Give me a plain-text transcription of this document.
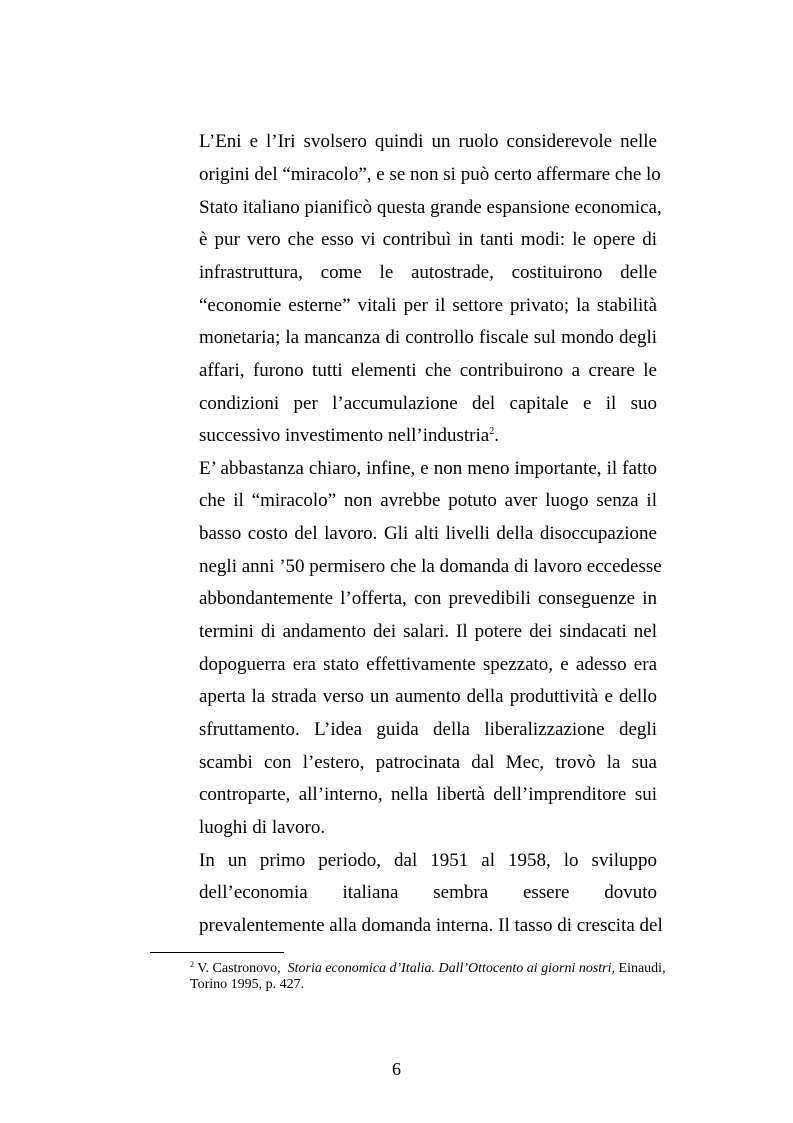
L’Eni e l’Iri svolsero quindi un ruolo considerevole nelle
origini del “miracolo”, e se non si può certo affermare che lo
Stato italiano pianificò questa grande espansione economica,
è pur vero che esso vi contribuì in tanti modi: le opere di
infrastruttura, come le autostrade, costituirono delle
“economie esterne” vitali per il settore privato; la stabilità
monetaria; la mancanza di controllo fiscale sul mondo degli
affari, furono tutti elementi che contribuirono a creare le
condizioni per l’accumulazione del capitale e il suo
successivo investimento nell’industria$^2$.
E’ abbastanza chiaro, infine, e non meno importante, il fatto
che il “miracolo” non avrebbe potuto aver luogo senza il
basso costo del lavoro. Gli alti livelli della disoccupazione
negli anni ’50 permisero che la domanda di lavoro eccedesse
abbondantemente l’offerta, con prevedibili conseguenze in
termini di andamento dei salari. Il potere dei sindacati nel
dopoguerra era stato effettivamente spezzato, e adesso era
aperta la strada verso un aumento della produttività e dello
sfruttamento. L’idea guida della liberalizzazione degli
scambi con l’estero, patrocinata dal Mec, trovò la sua
controparte, all’interno, nella libertà dell’imprenditore sui
luoghi di lavoro.
In un primo periodo, dal 1951 al 1958, lo sviluppo
dell’economia italiana sembra essere dovuto
prevalentemente alla domanda interna. Il tasso di crescita del
$^2$ V. Castronovo, Storia economica d’Italia. Dall’Ottocento ai giorni nostri, Einaudi,
Torino 1995, p. 427.
6
